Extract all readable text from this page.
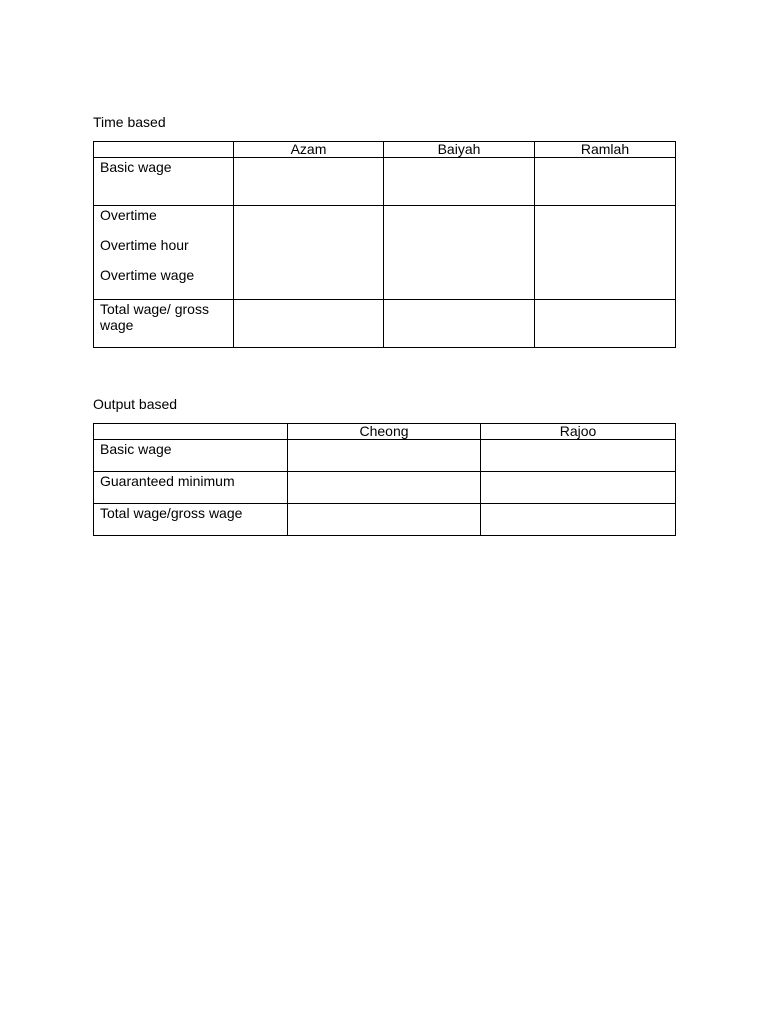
Time based

	Azam	Baiyah	Ramlah
Basic wage			

Overtime
Overtime hour
Overtime wage			

Total wage/ gross wage			

Output based

	Cheong	Rajoo
Basic wage		
Guaranteed minimum		
Total wage/gross wage		
